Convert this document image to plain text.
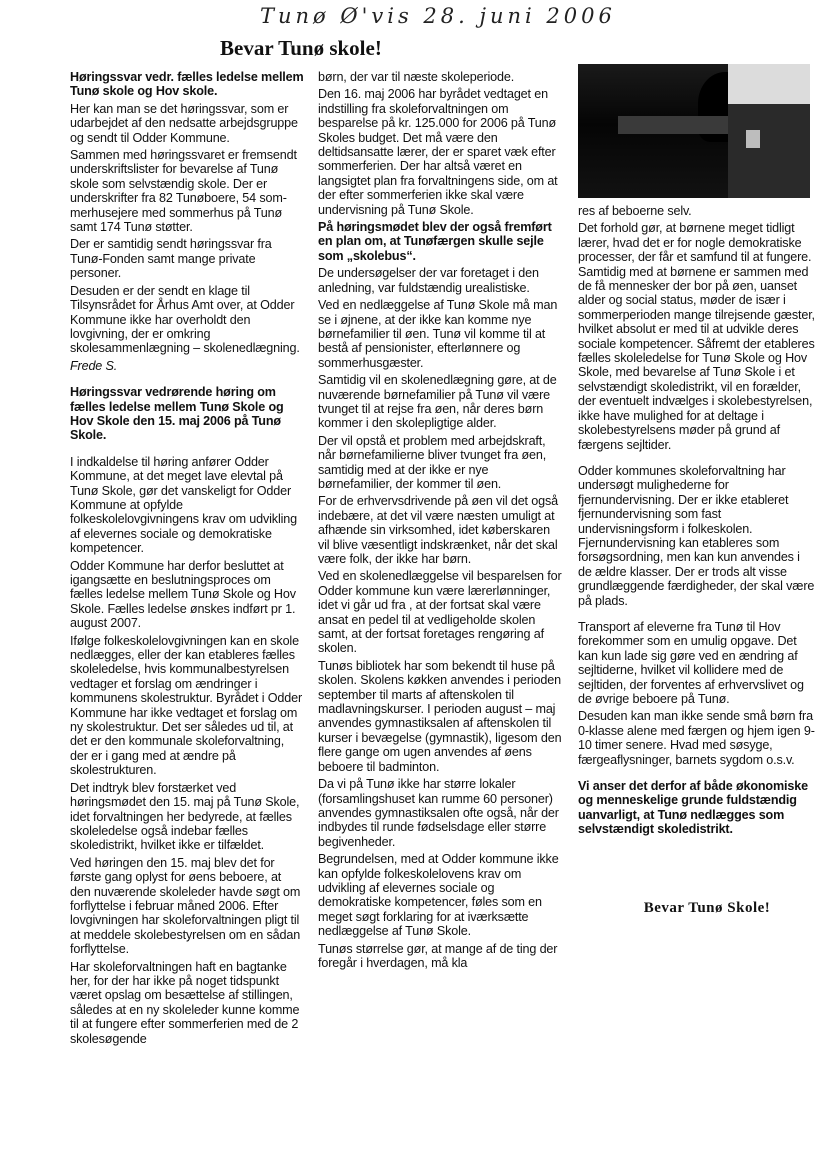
Tunø Ø'vis 28. juni 2006
Bevar Tunø skole!

Høringssvar vedr. fælles ledelse mellem Tunø skole og Hov skole.

Her kan man se det høringssvar, som er udarbejdet af den nedsatte arbejdsgruppe og sendt til Odder Kommune.

Sammen med høringssvaret er fremsendt underskriftslister for bevarelse af Tunø skole som selvstændig skole. Der er underskrifter fra 82 Tunøboere, 54 som-merhusejere med sommerhus på Tunø samt 174 Tunø støtter.

Der er samtidig sendt høringssvar fra Tunø-Fonden samt mange private personer.

Desuden er der sendt en klage til Tilsynsrådet for Århus Amt over, at Odder Kommune ikke har overholdt den lovgivning, der er omkring skolesammenlægning – skolenedlægning.

Frede S.

Høringssvar vedrørende høring om fælles ledelse mellem Tunø Skole og Hov Skole den 15. maj 2006 på Tunø Skole.

I indkaldelse til høring anfører Odder Kommune, at det meget lave elevtal på Tunø Skole, gør det vanskeligt for Odder Kommune at opfylde folkeskolelovgivningens krav om udvikling af elevernes sociale og demokratiske kompetencer.

Odder Kommune har derfor besluttet at igangsætte en beslutningsproces om fælles ledelse mellem Tunø Skole og Hov Skole. Fælles ledelse ønskes indført pr 1. august 2007.

Ifølge folkeskolelovgivningen kan en skole nedlægges, eller der kan etableres fælles skoleledelse, hvis kommunalbestyrelsen vedtager et forslag om ændringer i kommunens skolestruktur. Byrådet i Odder Kommune har ikke vedtaget et forslag om ny skolestruktur. Det ser således ud til, at det er den kommunale skoleforvaltning, der er i gang med at ændre på skolestrukturen.

Det indtryk blev forstærket ved høringsmødet den 15. maj på Tunø Skole, idet forvaltningen her bedyrede, at fælles skoleledelse også indebar fælles skoledistrikt, hvilket ikke er tilfældet.

Ved høringen den 15. maj blev det for første gang oplyst for øens beboere, at den nuværende skoleleder havde søgt om forflyttelse i februar måned 2006. Efter lovgivningen har skoleforvaltningen pligt til at meddele skolebestyrelsen om en sådan forflyttelse.

Har skoleforvaltningen haft en bagtanke her, for der har ikke på noget tidspunkt været opslag om besættelse af stillingen, således at en ny skoleleder kunne komme til at fungere efter sommerferien med de 2 skolesøgende

børn, der var til næste skoleperiode.

Den 16. maj 2006 har byrådet vedtaget en indstilling fra skoleforvaltningen om besparelse på kr. 125.000 for 2006 på Tunø Skoles budget. Det må være den deltidsansatte lærer, der er sparet væk efter sommerferien. Der har altså været en langsigtet plan fra forvaltningens side, om at der efter sommerferien ikke skal være undervisning på Tunø Skole.

På høringsmødet blev der også fremført en plan om, at Tunøfærgen skulle sejle som „skolebus“.

De undersøgelser der var foretaget i den anledning, var fuldstændig urealistiske.

Ved en nedlæggelse af Tunø Skole må man se i øjnene, at der ikke kan komme nye børnefamilier til øen. Tunø vil komme til at bestå af pensionister, efterlønnere og sommerhusgæster.

Samtidig vil en skolenedlægning gøre, at de nuværende børnefamilier på Tunø vil være tvunget til at rejse fra øen, når deres børn kommer i den skolepligtige alder.

Der vil opstå et problem med arbejdskraft, når børnefamilierne bliver tvunget fra øen, samtidig med at der ikke er nye børnefamilier, der kommer til øen.

For de erhvervsdrivende på øen vil det også indebære, at det vil være næsten umuligt at afhænde sin virksomhed, idet køberskaren vil blive væsentligt indskrænket, når det skal være folk, der ikke har børn.

Ved en skolenedlæggelse vil besparelsen for Odder kommune kun være lærerlønninger, idet vi går ud fra , at der fortsat skal være ansat en pedel til at vedligeholde skolen samt, at der fortsat foretages rengøring af skolen.

Tunøs bibliotek har som bekendt til huse på skolen. Skolens køkken anvendes i perioden september til marts af aftenskolen til madlavningskurser. I perioden august – maj anvendes gymnastiksalen af aftenskolen til kurser i bevægelse (gymnastik), ligesom den flere gange om ugen anvendes af øens beboere til badminton.

Da vi på Tunø ikke har større lokaler (forsamlingshuset kan rumme 60 personer) anvendes gymnastiksalen ofte også, når der indbydes til runde fødselsdage eller større begivenheder.

Begrundelsen, med at Odder kommune ikke kan opfylde folkeskolelovens krav om udvikling af elevernes sociale og demokratiske kompetencer, føles som en meget søgt forklaring for at iværksætte nedlæggelse af Tunø Skole.

Tunøs størrelse gør, at mange af de ting der foregår i hverdagen, må kla

res af beboerne selv.

Det forhold gør, at børnene meget tidligt lærer, hvad det er for nogle demokratiske processer, der får et samfund til at fungere. Samtidig med at børnene er sammen med de få mennesker der bor på øen, uanset alder og social status, møder de især i sommerperioden mange tilrejsende gæster, hvilket absolut er med til at udvikle deres sociale kompetencer. Såfremt der etableres fælles skoleledelse for Tunø Skole og Hov Skole, med bevarelse af Tunø Skole i et selvstændigt skoledistrikt, vil en forælder, der eventuelt indvælges i skolebestyrelsen, ikke have mulighed for at deltage i skolebestyrelsens møder på grund af færgens sejltider.

Odder kommunes skoleforvaltning har undersøgt mulighederne for fjernundervisning. Der er ikke etableret fjernundervisning som fast undervisningsform i folkeskolen. Fjernundervisning kan etableres som forsøgsordning, men kan kun anvendes i de ældre klasser. Der er trods alt visse grundlæggende færdigheder, der skal være på plads.

Transport af eleverne fra Tunø til Hov forekommer som en umulig opgave. Det kan kun lade sig gøre ved en ændring af sejltiderne, hvilket vil kollidere med de sejltiden, der forventes af erhvervslivet og de øvrige beboere på Tunø.

Desuden kan man ikke sende små børn fra 0-klasse alene med færgen og hjem igen 9-10 timer senere. Hvad med søsyge, færgeaflysninger, barnets sygdom o.s.v.

Vi anser det derfor af både økonomiske og menneskelige grunde fuldstændig uanvarligt, at Tunø nedlægges som selvstændigt skoledistrikt.

Bevar Tunø Skole!
